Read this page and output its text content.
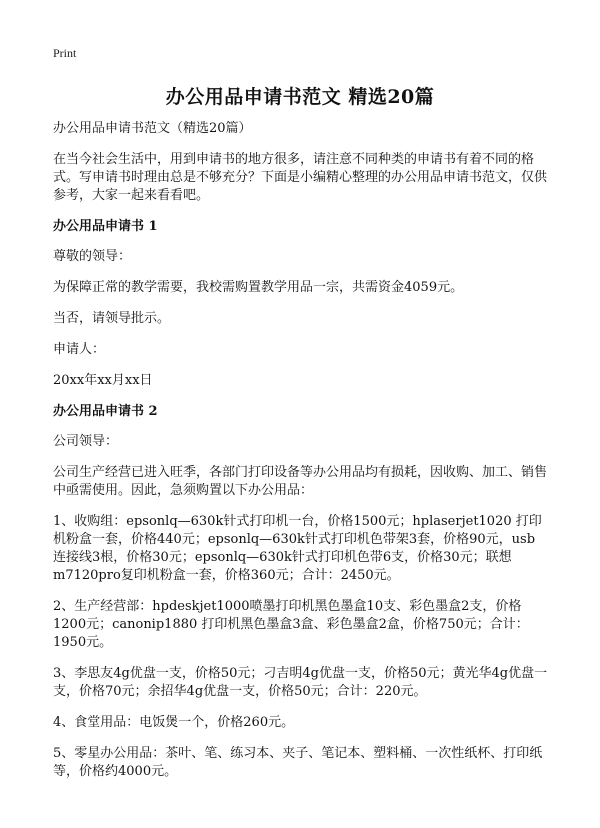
Print
办公用品申请书范文 精选20篇

办公用品申请书范文（精选20篇）

在当今社会生活中，用到申请书的地方很多，请注意不同种类的申请书有着不同的格式。写申请书时理由总是不够充分？下面是小编精心整理的办公用品申请书范文，仅供参考，大家一起来看看吧。

办公用品申请书 1

尊敬的领导：

为保障正常的教学需要，我校需购置教学用品一宗，共需资金4059元。

当否，请领导批示。

申请人：

20xx年xx月xx日

办公用品申请书 2

公司领导：

公司生产经营已进入旺季，各部门打印设备等办公用品均有损耗，因收购、加工、销售中亟需使用。因此，急须购置以下办公用品：

1、收购组：epsonlq—630k针式打印机一台，价格1500元；hplaserjet1020 打印机粉盒一套，价格440元；epsonlq—630k针式打印机色带架3套，价格90元，usb连接线3根，价格30元；epsonlq—630k针式打印机色带6支，价格30元；联想m7120pro复印机粉盒一套，价格360元；合计：2450元。

2、生产经营部：hpdeskjet1000喷墨打印机黑色墨盒10支、彩色墨盒2支，价格1200元；canonip1880 打印机黑色墨盒3盒、彩色墨盒2盒，价格750元；合计：1950元。

3、李思友4g优盘一支，价格50元；刁吉明4g优盘一支，价格50元；黄光华4g优盘一支，价格70元；余招华4g优盘一支，价格50元；合计：220元。

4、食堂用品：电饭煲一个，价格260元。

5、零星办公用品：茶叶、笔、练习本、夹子、笔记本、塑料桶、一次性纸杯、打印纸等，价格约4000元。
